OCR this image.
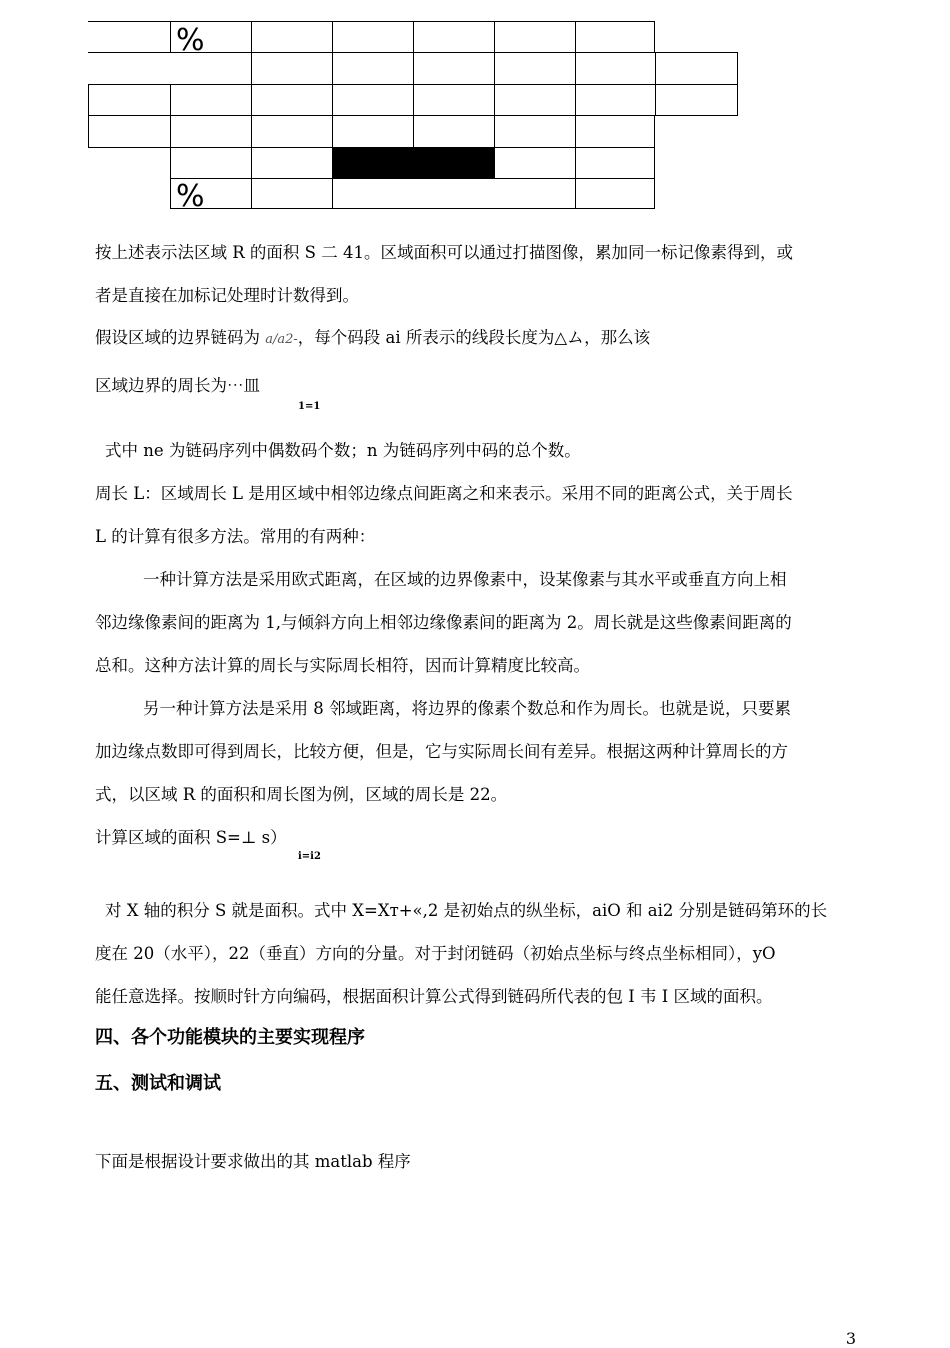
%
%
按上述表示法区域 R 的面积 S 二 41。区域面积可以通过打描图像，累加同一标记像素得到，或
者是直接在加标记处理时计数得到。
假设区域的边界链码为 a/a2-，每个码段 ai 所表示的线段长度为△ム，那么该
区域边界的周长为⋯皿
1=1
式中 ne 为链码序列中偶数码个数；n 为链码序列中码的总个数。
周长 L：区域周长 L 是用区域中相邻边缘点间距离之和来表示。采用不同的距离公式，关于周长
L 的计算有很多方法。常用的有两种：
一种计算方法是采用欧式距离，在区域的边界像素中，设某像素与其水平或垂直方向上相
邻边缘像素间的距离为 1,与倾斜方向上相邻边缘像素间的距离为 2。周长就是这些像素间距离的
总和。这种方法计算的周长与实际周长相符，因而计算精度比较高。
另一种计算方法是采用 8 邻域距离，将边界的像素个数总和作为周长。也就是说，只要累
加边缘点数即可得到周长，比较方便，但是，它与实际周长间有差异。根据这两种计算周长的方
式，以区域 R 的面积和周长图为例，区域的周长是 22。
计算区域的面积 S=⊥ s）
i=i2
对 X 轴的积分 S 就是面积。式中 X=Xт+«,2 是初始点的纵坐标，aiO 和 ai2 分别是链码第环的长
度在 20（水平），22（垂直）方向的分量。对于封闭链码（初始点坐标与终点坐标相同），yO
能任意选择。按顺时针方向编码，根据面积计算公式得到链码所代表的包 I 韦 I 区域的面积。
四、各个功能模块的主要实现程序
五、测试和调试
下面是根据设计要求做出的其 matlab 程序
3
